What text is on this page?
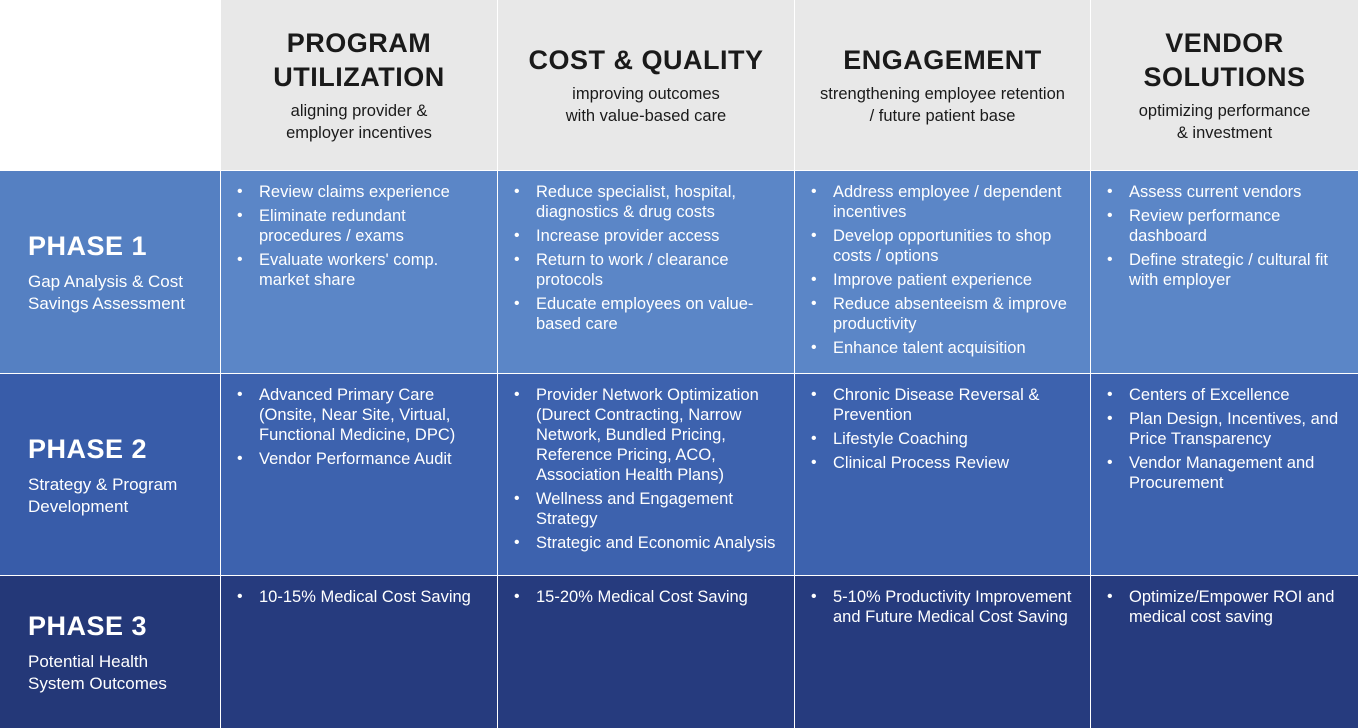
PROGRAM
UTILIZATION
aligning provider &
employer incentives
COST & QUALITY
improving outcomes
with value-based care
ENGAGEMENT
strengthening employee retention
/ future patient base
VENDOR
SOLUTIONS
optimizing performance
& investment
PHASE 1
Gap Analysis & Cost
Savings Assessment
• Review claims experience
• Eliminate redundant procedures / exams
• Evaluate workers' comp. market share
• Reduce specialist, hospital, diagnostics & drug costs
• Increase provider access
• Return to work / clearance protocols
• Educate employees on value-based care
• Address employee / dependent incentives
• Develop opportunities to shop costs / options
• Improve patient experience
• Reduce absenteeism & improve productivity
• Enhance talent acquisition
• Assess current vendors
• Review performance dashboard
• Define strategic / cultural fit with employer
PHASE 2
Strategy & Program
Development
• Advanced Primary Care (Onsite, Near Site, Virtual, Functional Medicine, DPC)
• Vendor Performance Audit
• Provider Network Optimization (Durect Contracting, Narrow Network, Bundled Pricing, Reference Pricing, ACO, Association Health Plans)
• Wellness and Engagement Strategy
• Strategic and Economic Analysis
• Chronic Disease Reversal & Prevention
• Lifestyle Coaching
• Clinical Process Review
• Centers of Excellence
• Plan Design, Incentives, and Price Transparency
• Vendor Management and Procurement
PHASE 3
Potential Health
System Outcomes
• 10-15% Medical Cost Saving	• 15-20% Medical Cost Saving	• 5-10% Productivity Improvement and Future Medical Cost Saving
• Optimize/Empower ROI and medical cost saving
